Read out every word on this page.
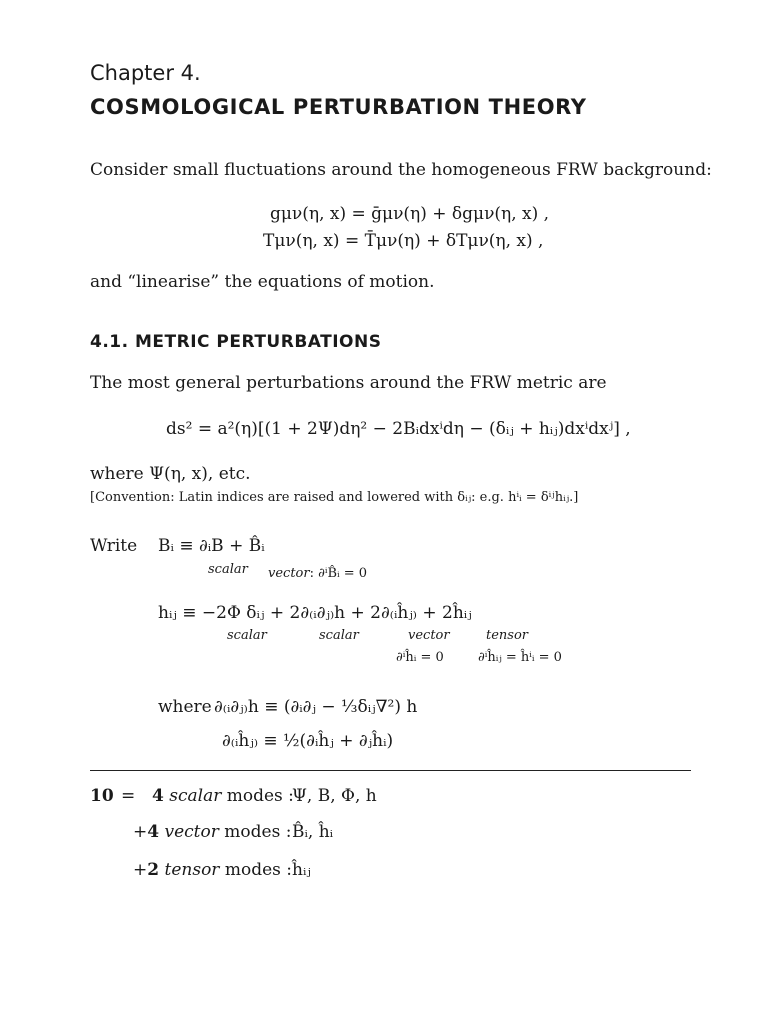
Chapter 4.
COSMOLOGICAL PERTURBATION THEORY
Consider small fluctuations around the homogeneous FRW background:
gμν(η, x) = ḡμν(η) + δgμν(η, x) ,
Tμν(η, x) = T̄μν(η) + δTμν(η, x) ,
and “linearise” the equations of motion.
4.1. METRIC PERTURBATIONS
The most general perturbations around the FRW metric are
ds² = a²(η)[(1 + 2Ψ)dη² − 2Bᵢdxⁱdη − (δᵢⱼ + hᵢⱼ)dxⁱdxʲ] ,
where Ψ(η, x), etc.
[Convention: Latin indices are raised and lowered with δᵢⱼ: e.g. hⁱᵢ = δⁱʲhᵢⱼ.]
Write Bᵢ ≡ ∂ᵢB + B̂ᵢ
scalar vector: ∂ⁱB̂ᵢ = 0
hᵢⱼ ≡ −2Φ δᵢⱼ + 2∂₍ᵢ∂ⱼ₎h + 2∂₍ᵢĥⱼ₎ + 2ĥᵢⱼ
scalar	scalar	vector	tensor
∂ⁱĥᵢ = 0	∂ⁱĥᵢⱼ = ĥⁱᵢ = 0
where ∂₍ᵢ∂ⱼ₎h ≡ (∂ᵢ∂ⱼ − ⅓δᵢⱼ∇²) h
∂₍ᵢĥⱼ₎ ≡ ½(∂ᵢĥⱼ + ∂ⱼĥᵢ)
10 = 4 scalar modes :
Ψ, B, Φ, h
+4 vector modes : B̂ᵢ, ĥᵢ
+2 tensor modes : ĥᵢⱼ
